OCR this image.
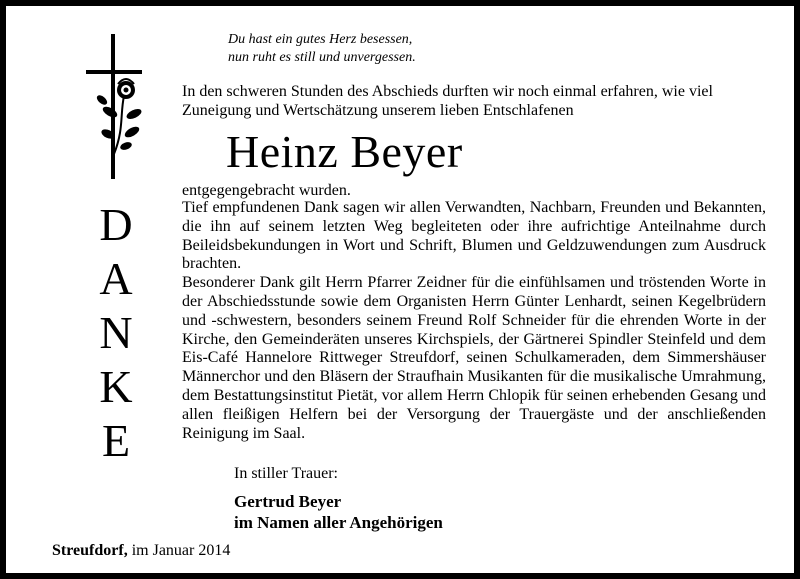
Du hast ein gutes Herz besessen,
nun ruht es still und unvergessen.
In den schweren Stunden des Abschieds durften wir noch einmal erfahren, wie viel Zuneigung und Wertschätzung unserem lieben Entschlafenen
Heinz Beyer
entgegengebracht wurden.
D
A
N
K
E

Tief empfundenen Dank sagen wir allen Verwandten, Nachbarn, Freunden und Bekannten, die ihn auf seinem letzten Weg begleiteten oder ihre aufrichtige Anteilnahme durch Beileidsbekundungen in Wort und Schrift, Blumen und Geldzuwendungen zum Ausdruck brachten.

Besonderer Dank gilt Herrn Pfarrer Zeidner für die einfühlsamen und tröstenden Worte in der Abschiedsstunde sowie dem Organisten Herrn Günter Lenhardt, seinen Kegelbrüdern und -schwestern, besonders seinem Freund Rolf Schneider für die ehrenden Worte in der Kirche, den Gemeinderäten unseres Kirchspiels, der Gärtnerei Spindler Steinfeld und dem Eis-Café Hannelore Rittweger Streufdorf, seinen Schulkameraden, dem Simmershäuser Männerchor und den Bläsern der Straufhain Musikanten für die musikalische Umrahmung, dem Bestattungsinstitut Pietät, vor allem Herrn Chlopik für seinen erhebenden Gesang und allen fleißigen Helfern bei der Versorgung der Trauergäste und der anschließenden Reinigung im Saal.

In stiller Trauer:
Gertrud Beyer
im Namen aller Angehörigen
Streufdorf, im Januar 2014
